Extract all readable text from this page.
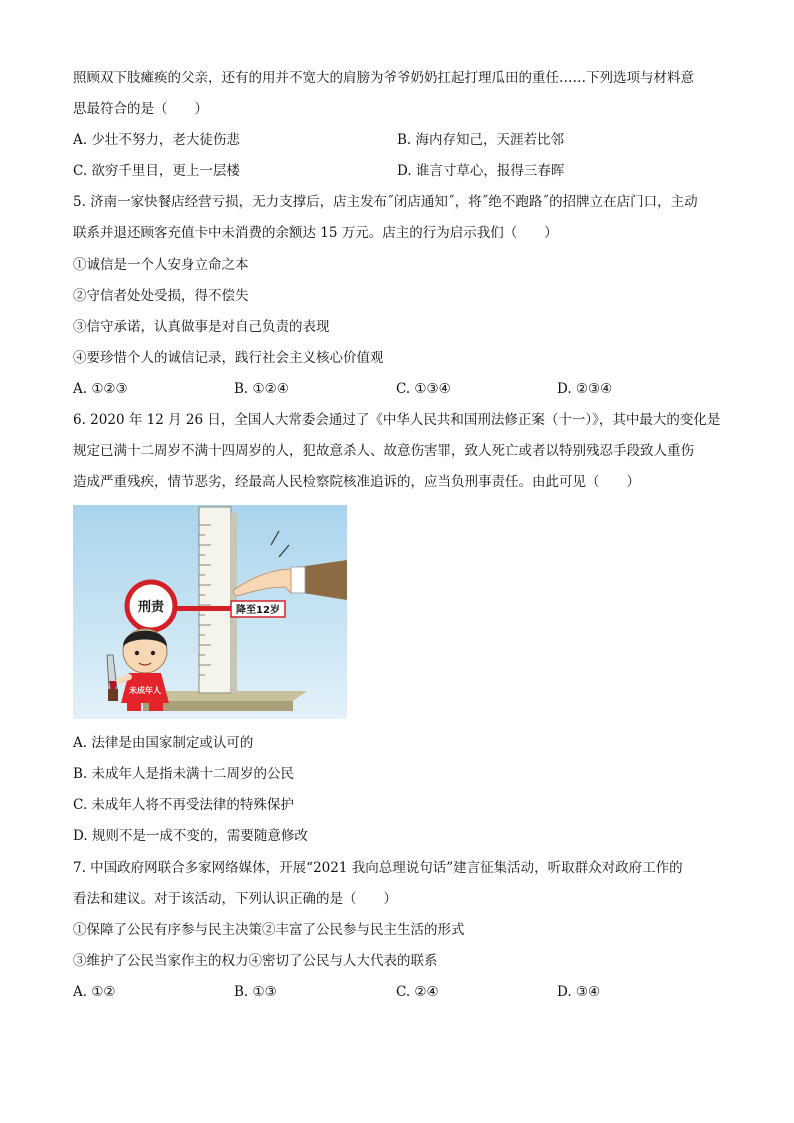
照顾双下肢瘫痪的父亲，还有的用并不宽大的肩膀为爷爷奶奶扛起打理瓜田的重任……下列选项与材料意
思最符合的是（　　）
A. 少壮不努力，老大徒伤悲	B. 海内存知己，天涯若比邻
C. 欲穷千里目，更上一层楼	D. 谁言寸草心，报得三春晖
5. 济南一家快餐店经营亏损，无力支撑后，店主发布˝闭店通知˝，将˝绝不跑路˝的招牌立在店门口，主动
联系并退还顾客充值卡中未消费的余额达 15 万元。店主的行为启示我们（　　）
①诚信是一个人安身立命之本
②守信者处处受损，得不偿失
③信守承诺，认真做事是对自己负责的表现
④要珍惜个人的诚信记录，践行社会主义核心价值观
A. ①②③	B. ①②④	C. ①③④	D. ②③④
6. 2020 年 12 月 26 日，全国人大常委会通过了《中华人民共和国刑法修正案（十一）》，其中最大的变化是
规定已满十二周岁不满十四周岁的人，犯故意杀人、故意伤害罪，致人死亡或者以特别残忍手段致人重伤
造成严重残疾，情节恶劣，经最高人民检察院核准追诉的，应当负刑事责任。由此可见（　　）
降至12岁
刑责
未成年人
A. 法律是由国家制定或认可的
B. 未成年人是指未满十二周岁的公民
C. 未成年人将不再受法律的特殊保护
D. 规则不是一成不变的，需要随意修改
7. 中国政府网联合多家网络媒体，开展“2021 我向总理说句话”建言征集活动，听取群众对政府工作的
看法和建议。对于该活动，下列认识正确的是（　　）
①保障了公民有序参与民主决策②丰富了公民参与民主生活的形式
③维护了公民当家作主的权力④密切了公民与人大代表的联系
A. ①②	B. ①③	C. ②④	D. ③④
